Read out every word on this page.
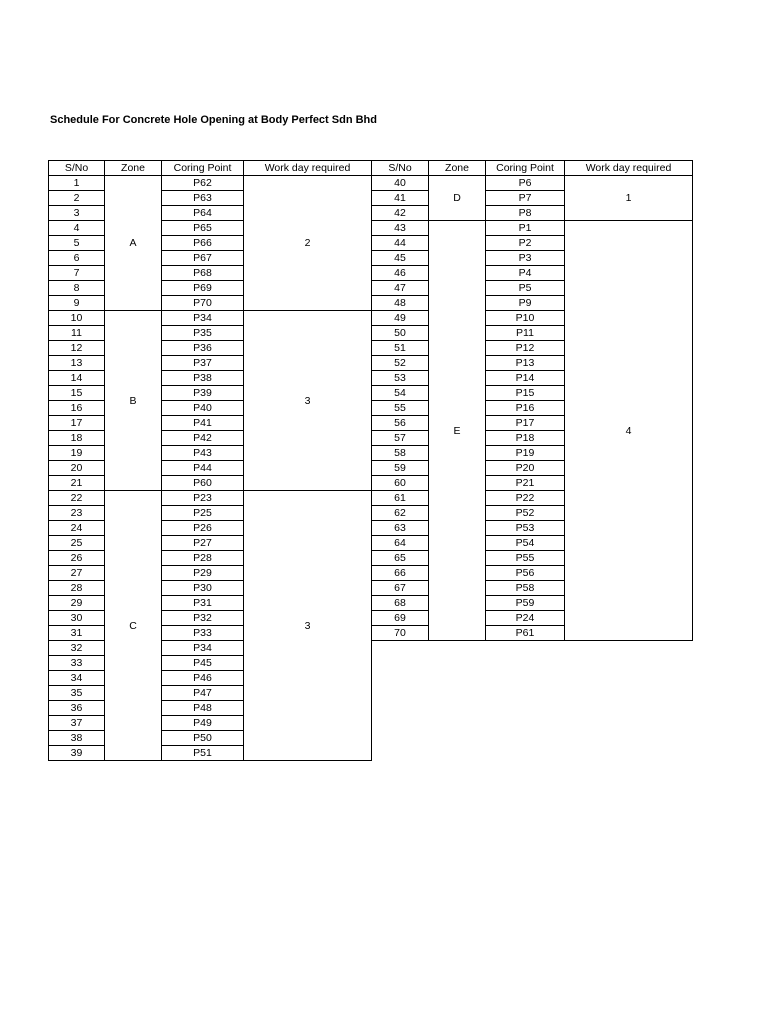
Schedule For Concrete Hole Opening at Body Perfect Sdn Bhd
S/No	Zone	Coring Point	Work day required
1	A	P62	2
2		P63	
3		P64	
4		P65	
5		P66	
6		P67	
7		P68	
8		P69	
9		P70	
10	B	P34	3
11		P35	
12		P36	
13		P37	
14		P38	
15		P39	
16		P40	
17		P41	
18		P42	
19		P43	
20		P44	
21		P60	
22	C	P23	3
23		P25	
24		P26	
25		P27	
26		P28	
27		P29	
28		P30	
29		P31	
30		P32	
31		P33	
32		P34	
33		P45	
34		P46	
35		P47	
36		P48	
37		P49	
38		P50	
39		P51	
S/No	Zone	Coring Point	Work day required
40	D	P6	1
41		P7	
42		P8	
43	E	P1	4
44		P2	
45		P3	
46		P4	
47		P5	
48		P9	
49		P10	
50		P11	
51		P12	
52		P13	
53		P14	
54		P15	
55		P16	
56		P17	
57		P18	
58		P19	
59		P20	
60		P21	
61		P22	
62		P52	
63		P53	
64		P54	
65		P55	
66		P56	
67		P58	
68		P59	
69		P24	
70		P61	
